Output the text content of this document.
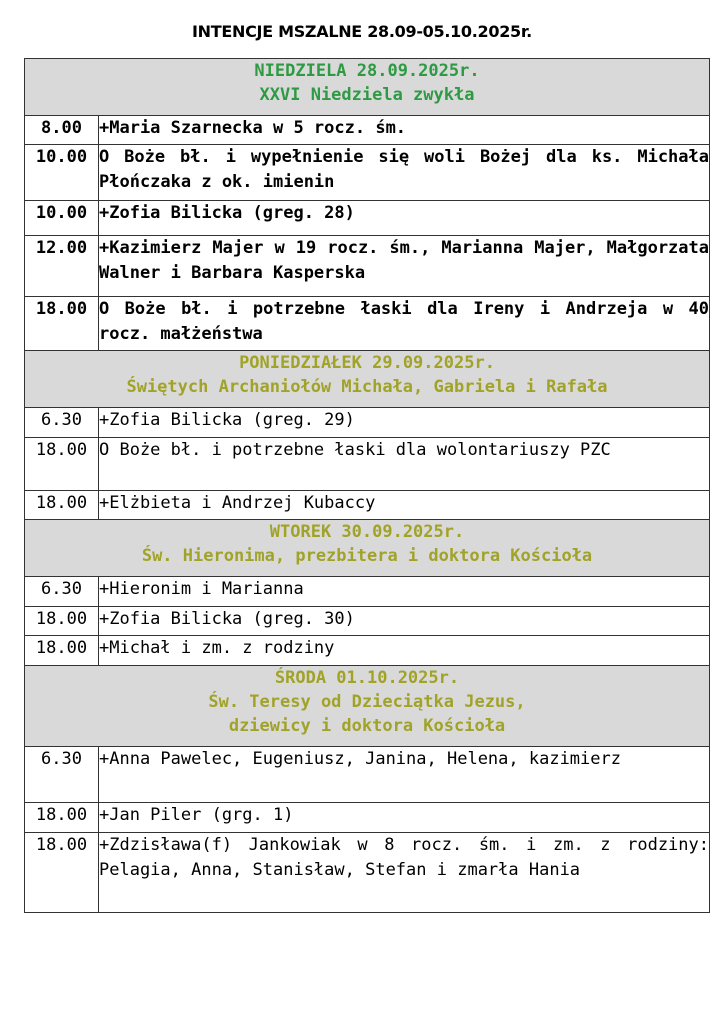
INTENCJE MSZALNE 28.09-05.10.2025r.
NIEDZIELA 28.09.2025r.
XXVI Niedziela zwykła	

8.00	+Maria Szarnecka w 5 rocz. śm.
10.00	O Boże bł. i wypełnienie się woli Bożej dla ks. Michała Płończaka z ok. imienin
10.00	+Zofia Bilicka (greg. 28)
12.00	+Kazimierz Majer w 19 rocz. śm., Marianna Majer, Małgorzata Walner i Barbara Kasperska
18.00	O Boże bł. i potrzebne łaski dla Ireny i Andrzeja w 40 rocz. małżeństwa

PONIEDZIAŁEK 29.09.2025r.
Świętych Archaniołów Michała, Gabriela i Rafała	

6.30	+Zofia Bilicka (greg. 29)
18.00	O Boże bł. i potrzebne łaski dla wolontariuszy PZC
18.00	+Elżbieta i Andrzej Kubaccy

WTOREK 30.09.2025r.
Św. Hieronima, prezbitera i doktora Kościoła	

6.30	+Hieronim i Marianna
18.00	+Zofia Bilicka (greg. 30)
18.00	+Michał i zm. z rodziny

ŚRODA 01.10.2025r.
Św. Teresy od Dzieciątka Jezus,
dziewicy i doktora Kościoła	

6.30	+Anna Pawelec, Eugeniusz, Janina, Helena, kazimierz
18.00	+Jan Piler (grg. 1)
18.00	+Zdzisława(f) Jankowiak w 8 rocz. śm. i zm. z rodziny: Pelagia, Anna, Stanisław, Stefan i zmarła Hania
